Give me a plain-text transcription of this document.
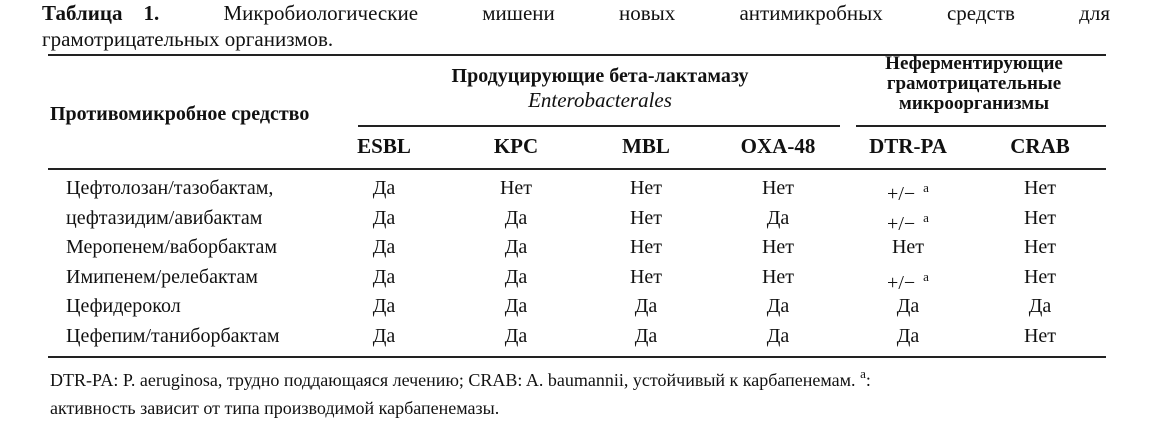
Таблица 1.	Микробиологические	мишени	новых	антимикробных	средств	для
грамотрицательных организмов.
Противомикробное средство
Продуцирующие бета-лактамазу
Enterobacterales
Неферментирующие
грамотрицательные
микроорганизмы
ESBL	KPC	MBL	OXA-48	DTR-PA	CRAB
Цефтолозан/тазобактам,	Да	Нет	Нет	Нет	+/− $^a$	Нет
цефтазидим/авибактам	Да	Да	Нет	Да	+/− $^a$	Нет
Меропенем/ваборбактам	Да	Да	Нет	Нет	Нет	Нет
Имипенем/релебактам	Да	Да	Нет	Нет	+/− $^a$	Нет
Цефидерокол	Да	Да	Да	Да	Да	Да
Цефепим/таниборбактам	Да	Да	Да	Да	Да	Нет
DTR-PA: P. aeruginosa, трудно поддающаяся лечению; CRAB: A. baumannii, устойчивый к карбапенемам. $^a$:
активность зависит от типа производимой карбапенемазы.
